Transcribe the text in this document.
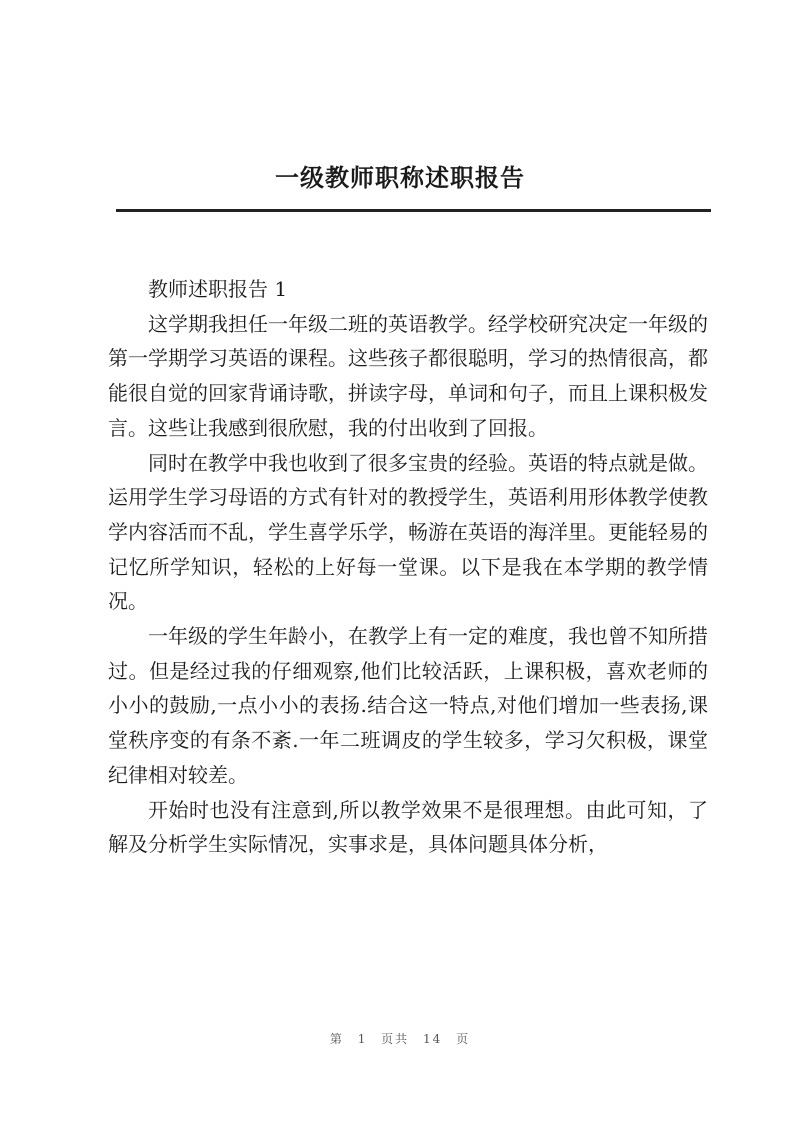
一级教师职称述职报告

教师述职报告 1

这学期我担任一年级二班的英语教学。经学校研究决定一年级的第一学期学习英语的课程。这些孩子都很聪明，学习的热情很高，都能很自觉的回家背诵诗歌，拼读字母，单词和句子，而且上课积极发言。这些让我感到很欣慰，我的付出收到了回报。

同时在教学中我也收到了很多宝贵的经验。英语的特点就是做。运用学生学习母语的方式有针对的教授学生，英语利用形体教学使教学内容活而不乱，学生喜学乐学，畅游在英语的海洋里。更能轻易的记忆所学知识，轻松的上好每一堂课。以下是我在本学期的教学情况。

一年级的学生年龄小，在教学上有一定的难度，我也曾不知所措过。但是经过我的仔细观察,他们比较活跃，上课积极，喜欢老师的小小的鼓励,一点小小的表扬.结合这一特点,对他们增加一些表扬,课堂秩序变的有条不紊.一年二班调皮的学生较多，学习欠积极，课堂纪律相对较差。

开始时也没有注意到,所以教学效果不是很理想。由此可知，了解及分析学生实际情况，实事求是，具体问题具体分析，

第 1 页共 14 页
